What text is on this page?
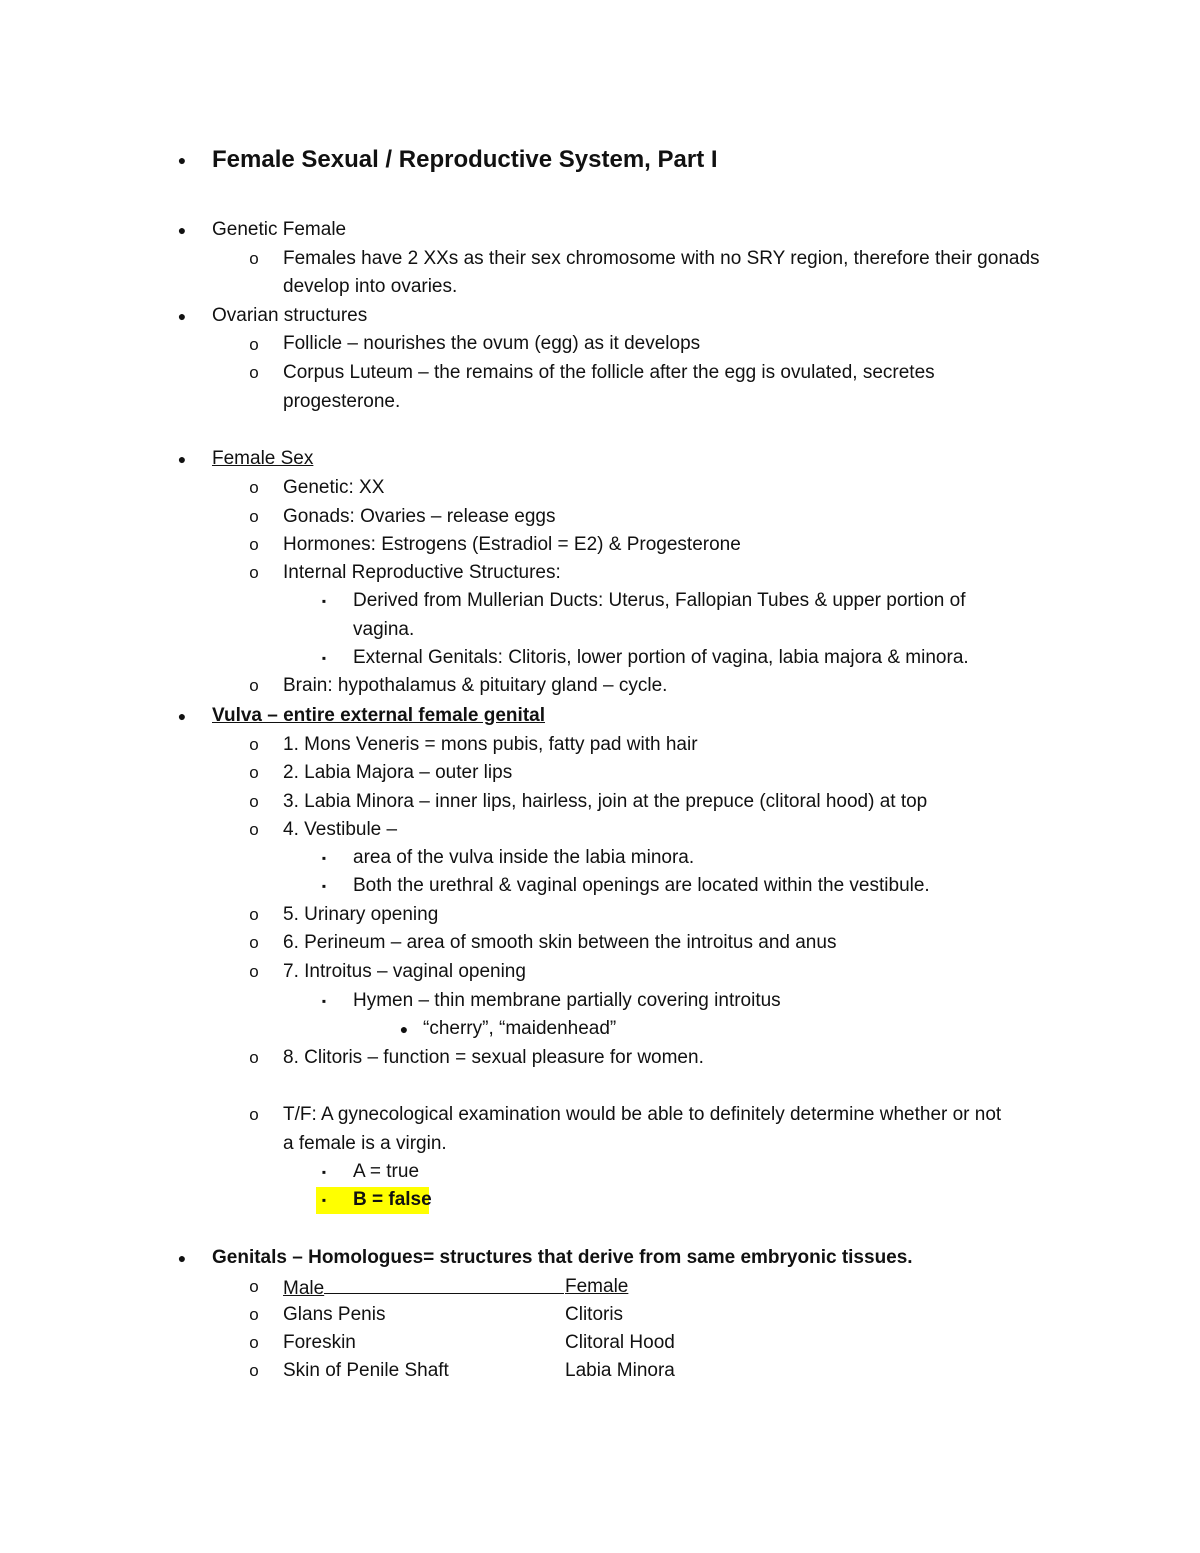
● Female Sexual / Reproductive System, Part I
●	Genetic Female
o Females have 2 XXs as their sex chromosome with no SRY region, therefore their gonads
develop into ovaries.
●	Ovarian structures
o Follicle – nourishes the ovum (egg) as it develops
o Corpus Luteum – the remains of the follicle after the egg is ovulated, secretes
progesterone.
●	Female Sex
o Genetic: XX
o Gonads: Ovaries – release eggs
o Hormones: Estrogens (Estradiol = E2) & Progesterone
o Internal Reproductive Structures:
▪	Derived from Mullerian Ducts: Uterus, Fallopian Tubes & upper portion of
vagina.
▪	External Genitals: Clitoris, lower portion of vagina, labia majora & minora.
o Brain: hypothalamus & pituitary gland – cycle.
●	Vulva – entire external female genital
o 1. Mons Veneris = mons pubis, fatty pad with hair
o 2. Labia Majora – outer lips
o 3. Labia Minora – inner lips, hairless, join at the prepuce (clitoral hood) at top
o 4. Vestibule –
▪	area of the vulva inside the labia minora.
▪	Both the urethral & vaginal openings are located within the vestibule.
o 5. Urinary opening
o 6. Perineum – area of smooth skin between the introitus and anus
o 7. Introitus – vaginal opening
▪	Hymen – thin membrane partially covering introitus
● “cherry”, “maidenhead”
o 8. Clitoris – function = sexual pleasure for women.
o T/F: A gynecological examination would be able to definitely determine whether or not
a female is a virgin.
▪	A = true
▪	B = false
●	Genitals – Homologues= structures that derive from same embryonic tissues.
o Male	Female
o Glans Penis	Clitoris
o Foreskin	Clitoral Hood
o Skin of Penile Shaft	Labia Minora
